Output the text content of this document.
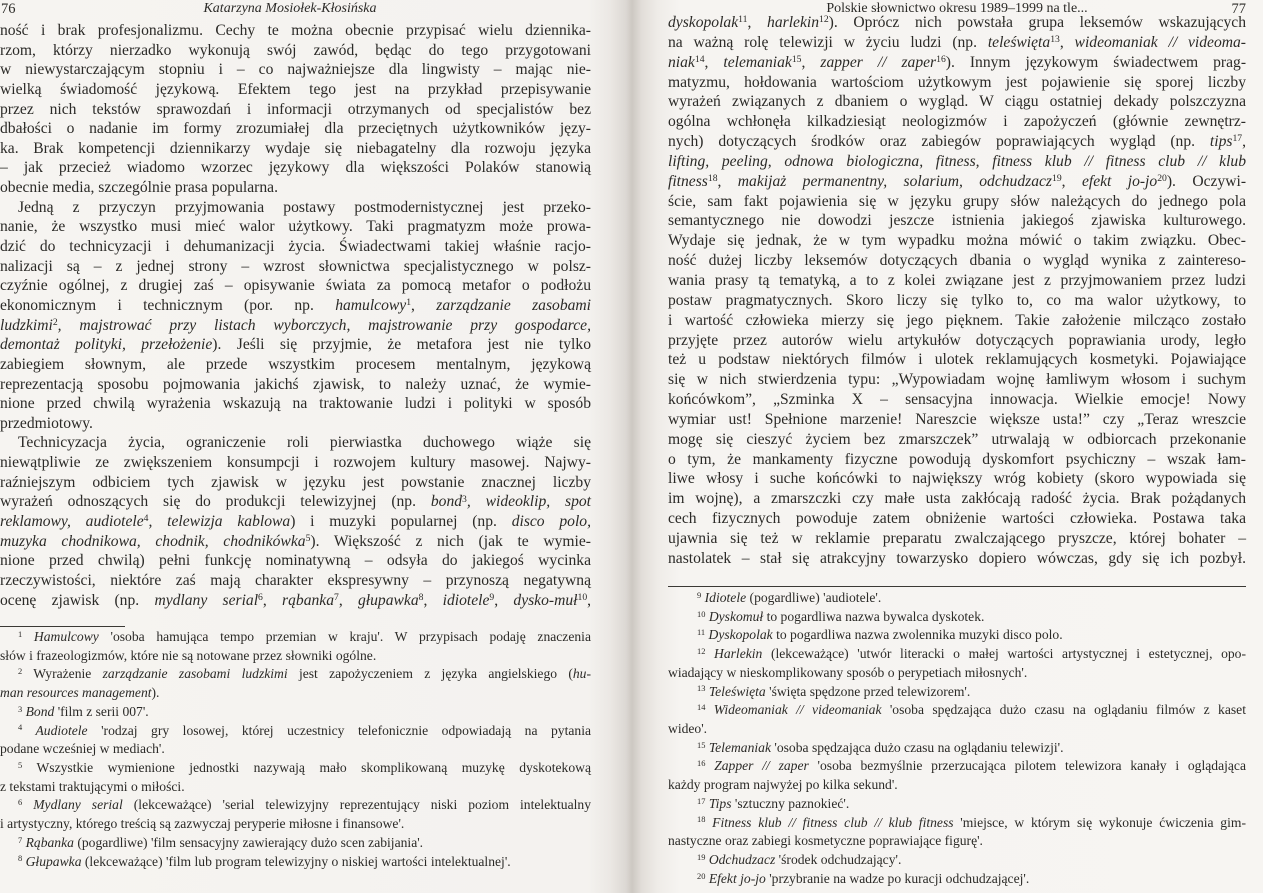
76	Katarzyna Mosiołek-Kłosińska
ność i brak profesjonalizmu. Cechy te można obecnie przypisać wielu dziennika-
rzom, którzy nierzadko wykonują swój zawód, będąc do tego przygotowani
w niewystarczającym stopniu i – co najważniejsze dla lingwisty – mając nie-
wielką świadomość językową. Efektem tego jest na przykład przepisywanie
przez nich tekstów sprawozdań i informacji otrzymanych od specjalistów bez
dbałości o nadanie im formy zrozumiałej dla przeciętnych użytkowników języ-
ka. Brak kompetencji dziennikarzy wydaje się niebagatelny dla rozwoju języka
– jak przecież wiadomo wzorzec językowy dla większości Polaków stanowią
obecnie media, szczególnie prasa popularna.
Jedną z przyczyn przyjmowania postawy postmodernistycznej jest przeko-
nanie, że wszystko musi mieć walor użytkowy. Taki pragmatyzm może prowa-
dzić do technicyzacji i dehumanizacji życia. Świadectwami takiej właśnie racjo-
nalizacji są – z jednej strony – wzrost słownictwa specjalistycznego w polsz-
czyźnie ogólnej, z drugiej zaś – opisywanie świata za pomocą metafor o podłożu
ekonomicznym i technicznym (por. np. hamulcowy$^1$, zarządzanie zasobami
ludzkimi$^2$, majstrować przy listach wyborczych, majstrowanie przy gospodarce,
demontaż polityki, przełożenie). Jeśli się przyjmie, że metafora jest nie tylko
zabiegiem słownym, ale przede wszystkim procesem mentalnym, językową
reprezentacją sposobu pojmowania jakichś zjawisk, to należy uznać, że wymie-
nione przed chwilą wyrażenia wskazują na traktowanie ludzi i polityki w sposób
przedmiotowy.
Technicyzacja życia, ograniczenie roli pierwiastka duchowego wiąże się
niewątpliwie ze zwiększeniem konsumpcji i rozwojem kultury masowej. Najwy-
raźniejszym odbiciem tych zjawisk w języku jest powstanie znacznej liczby
wyrażeń odnoszących się do produkcji telewizyjnej (np. bond$^3$, wideoklip, spot
reklamowy, audiotele$^4$, telewizja kablowa) i muzyki popularnej (np. disco polo,
muzyka chodnikowa, chodnik, chodnikówka$^5$). Większość z nich (jak te wymie-
nione przed chwilą) pełni funkcję nominatywną – odsyła do jakiegoś wycinka
rzeczywistości, niektóre zaś mają charakter ekspresywny – przynoszą negatywną
ocenę zjawisk (np. mydlany serial$^6$, rąbanka$^7$, głupawka$^8$, idiotele$^9$, dysko-muł$^{10}$,
$^1$ Hamulcowy 'osoba hamująca tempo przemian w kraju'. W przypisach podaję znaczenia
słów i frazeologizmów, które nie są notowane przez słowniki ogólne.
$^2$ Wyrażenie zarządzanie zasobami ludzkimi jest zapożyczeniem z języka angielskiego (hu-
man resources management).
$^3$ Bond 'film z serii 007'.
$^4$ Audiotele 'rodzaj gry losowej, której uczestnicy telefonicznie odpowiadają na pytania
podane wcześniej w mediach'.
$^5$ Wszystkie wymienione jednostki nazywają mało skomplikowaną muzykę dyskotekową
z tekstami traktującymi o miłości.
$^6$ Mydlany serial (lekceważące) 'serial telewizyjny reprezentujący niski poziom intelektualny
i artystyczny, którego treścią są zazwyczaj peryperie miłosne i finansowe'.
$^7$ Rąbanka (pogardliwe) 'film sensacyjny zawierający dużo scen zabijania'.
$^8$ Głupawka (lekceważące) 'film lub program telewizyjny o niskiej wartości intelektualnej'.
Polskie słownictwo okresu 1989–1999 na tle...	77
dyskopolak$^{11}$, harlekin$^{12}$). Oprócz nich powstała grupa leksemów wskazujących
na ważną rolę telewizji w życiu ludzi (np. teleświęta$^{13}$, wideomaniak // videoma-
niak$^{14}$, telemaniak$^{15}$, zapper // zaper$^{16}$). Innym językowym świadectwem prag-
matyzmu, hołdowania wartościom użytkowym jest pojawienie się sporej liczby
wyrażeń związanych z dbaniem o wygląd. W ciągu ostatniej dekady polszczyzna
ogólna wchłonęła kilkadziesiąt neologizmów i zapożyczeń (głównie zewnętrz-
nych) dotyczących środków oraz zabiegów poprawiających wygląd (np. tips$^{17}$,
lifting, peeling, odnowa biologiczna, fitness, fitness klub // fitness club // klub
fitness$^{18}$, makijaż permanentny, solarium, odchudzacz$^{19}$, efekt $jo-jo^{20}$). Oczywi-
ście, sam fakt pojawienia się w języku grupy słów należących do jednego pola
semantycznego nie dowodzi jeszcze istnienia jakiegoś zjawiska kulturowego.
Wydaje się jednak, że w tym wypadku można mówić o takim związku. Obec-
ność dużej liczby leksemów dotyczących dbania o wygląd wynika z zaintereso-
wania prasy tą tematyką, a to z kolei związane jest z przyjmowaniem przez ludzi
postaw pragmatycznych. Skoro liczy się tylko to, co ma walor użytkowy, to
i wartość człowieka mierzy się jego pięknem. Takie założenie milcząco zostało
przyjęte przez autorów wielu artykułów dotyczących poprawiania urody, legło
też u podstaw niektórych filmów i ulotek reklamujących kosmetyki. Pojawiające
się w nich stwierdzenia typu: „Wypowiadam wojnę łamliwym włosom i suchym
końcówkom”, „Szminka X – sensacyjna innowacja. Wielkie emocje! Nowy
wymiar ust! Spełnione marzenie! Nareszcie większe usta!” czy „Teraz wreszcie
mogę się cieszyć życiem bez zmarszczek” utrwalają w odbiorcach przekonanie
o tym, że mankamenty fizyczne powodują dyskomfort psychiczny – wszak łam-
liwe włosy i suche końcówki to największy wróg kobiety (skoro wypowiada się
im wojnę), a zmarszczki czy małe usta zakłócają radość życia. Brak pożądanych
cech fizycznych powoduje zatem obniżenie wartości człowieka. Postawa taka
ujawnia się też w reklamie preparatu zwalczającego pryszcze, której bohater –
nastolatek – stał się atrakcyjny towarzysko dopiero wówczas, gdy się ich pozbył.
$^9$ Idiotele (pogardliwe) 'audiotele'.
$^{10}$ Dyskomuł to pogardliwa nazwa bywalca dyskotek.
$^{11}$ Dyskopolak to pogardliwa nazwa zwolennika muzyki disco polo.
$^{12}$ Harlekin (lekceważące) 'utwór literacki o małej wartości artystycznej i estetycznej, opo-
wiadający w nieskomplikowany sposób o perypetiach miłosnych'.
$^{13}$ Teleświęta 'święta spędzone przed telewizorem'.
$^{14}$ Wideomaniak // videomaniak 'osoba spędzająca dużo czasu na oglądaniu filmów z kaset
wideo'.
$^{15}$ Telemaniak 'osoba spędzająca dużo czasu na oglądaniu telewizji'.
$^{16}$ Zapper // zaper 'osoba bezmyślnie przerzucająca pilotem telewizora kanały i oglądająca
każdy program najwyżej po kilka sekund'.
$^{17}$ Tips 'sztuczny paznokieć'.
$^{18}$ Fitness klub // fitness club // klub fitness 'miejsce, w którym się wykonuje ćwiczenia gim-
nastyczne oraz zabiegi kosmetyczne poprawiające figurę'.
$^{19}$ Odchudzacz 'środek odchudzający'.
$^{20}$ Efekt jo-jo 'przybranie na wadze po kuracji odchudzającej'.
